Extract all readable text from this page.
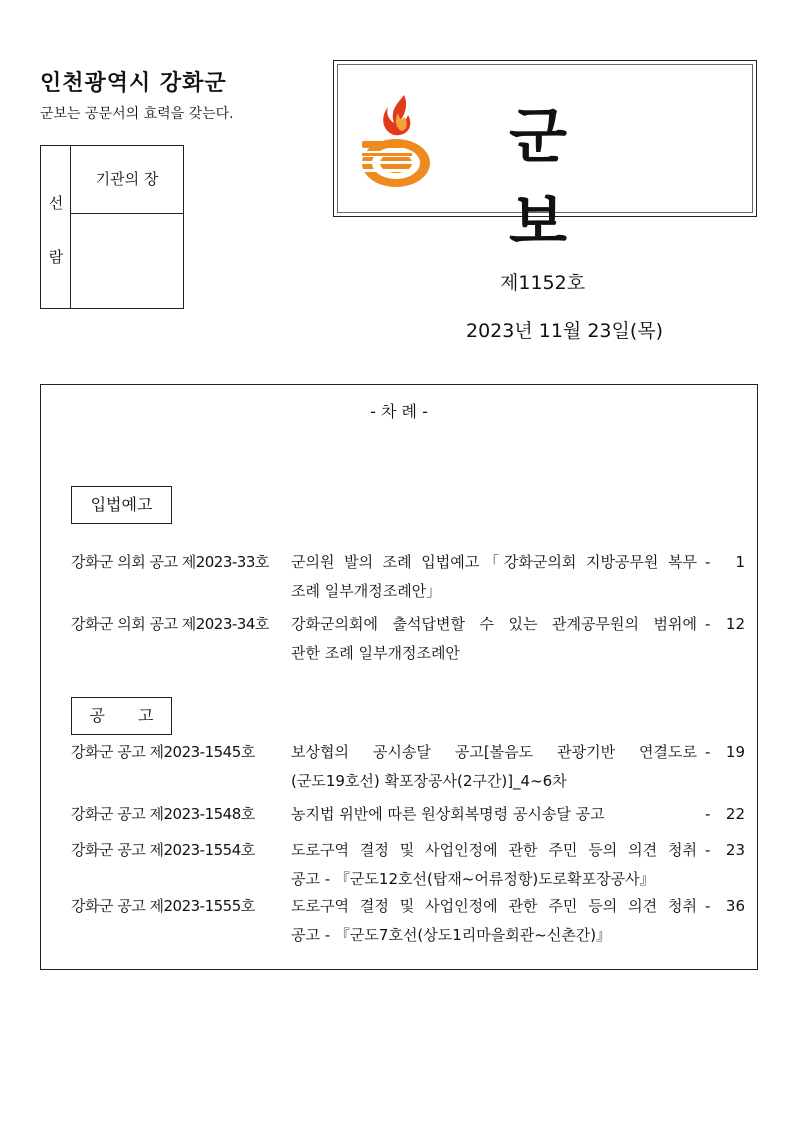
인천광역시 강화군
군보는 공문서의 효력을 갖는다.
선
람
기관의 장
군 보
제1152호
2023년 11월 23일(목)
- 차 례 -
입법예고
강화군 의회 공고 제2023-33호 군의원 발의 조례 입법예고「강화군의회 지방공무원 복무
조례 일부개정조례안」
- 1
강화군 의회 공고 제2023-34호 강화군의회에 출석답변할 수 있는 관계공무원의 범위에
관한 조례 일부개정조례안
- 12
공 고
강화군 공고 제2023-1545호 보상협의 공시송달 공고[볼음도 관광기반 연결도로
(군도19호선) 확포장공사(2구간)]_4~6차
- 19
강화군 공고 제2023-1548호 농지법 위반에 따른 원상회복명령 공시송달 공고	- 22
강화군 공고 제2023-1554호 도로구역 결정 및 사업인정에 관한 주민 등의 의견 청취
공고 - 『군도12호선(탑재~어류정항)도로확포장공사』
- 23
강화군 공고 제2023-1555호 도로구역 결정 및 사업인정에 관한 주민 등의 의견 청취
공고 - 『군도7호선(상도1리마을회관~신촌간)』
- 36
